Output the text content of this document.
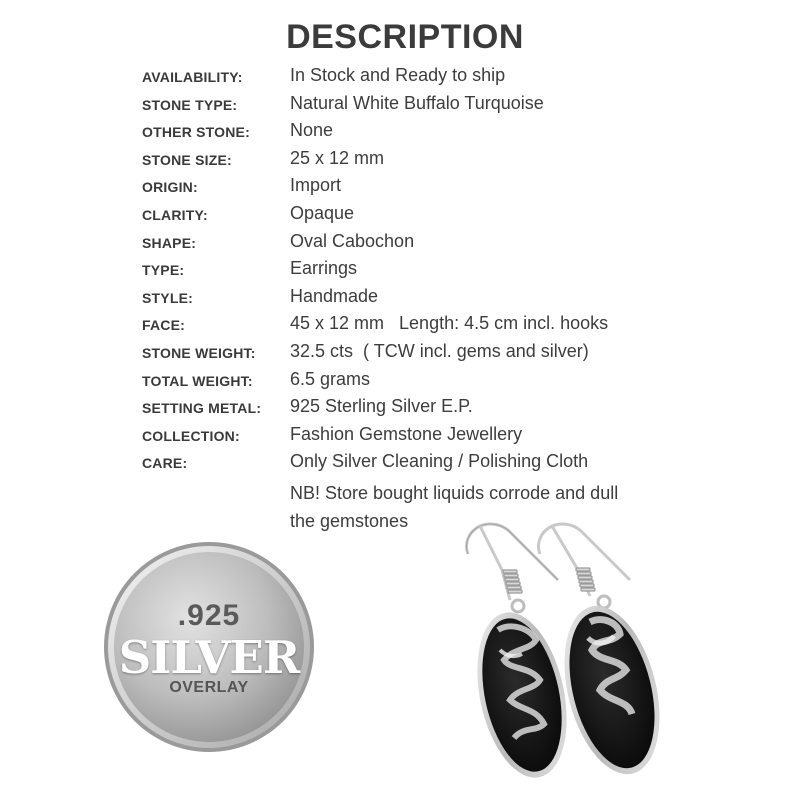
DESCRIPTION
AVAILABILITY:	In Stock and Ready to ship
STONE TYPE:	Natural White Buffalo Turquoise
OTHER STONE: None
STONE SIZE:	25 x 12 mm
ORIGIN:	Import
CLARITY:	Opaque
SHAPE:	Oval Cabochon
TYPE:	Earrings
STYLE:	Handmade
FACE:	45 x 12 mm   Length: 4.5 cm incl. hooks
STONE WEIGHT: 32.5 cts  ( TCW incl. gems and silver)
TOTAL WEIGHT: 6.5 grams
SETTING METAL: 925 Sterling Silver E.P.
COLLECTION:	Fashion Gemstone Jewellery
CARE:	Only Silver Cleaning / Polishing Cloth
NB! Store bought liquids corrode and dull
the gemstones
.925
SILVER
OVERLAY
